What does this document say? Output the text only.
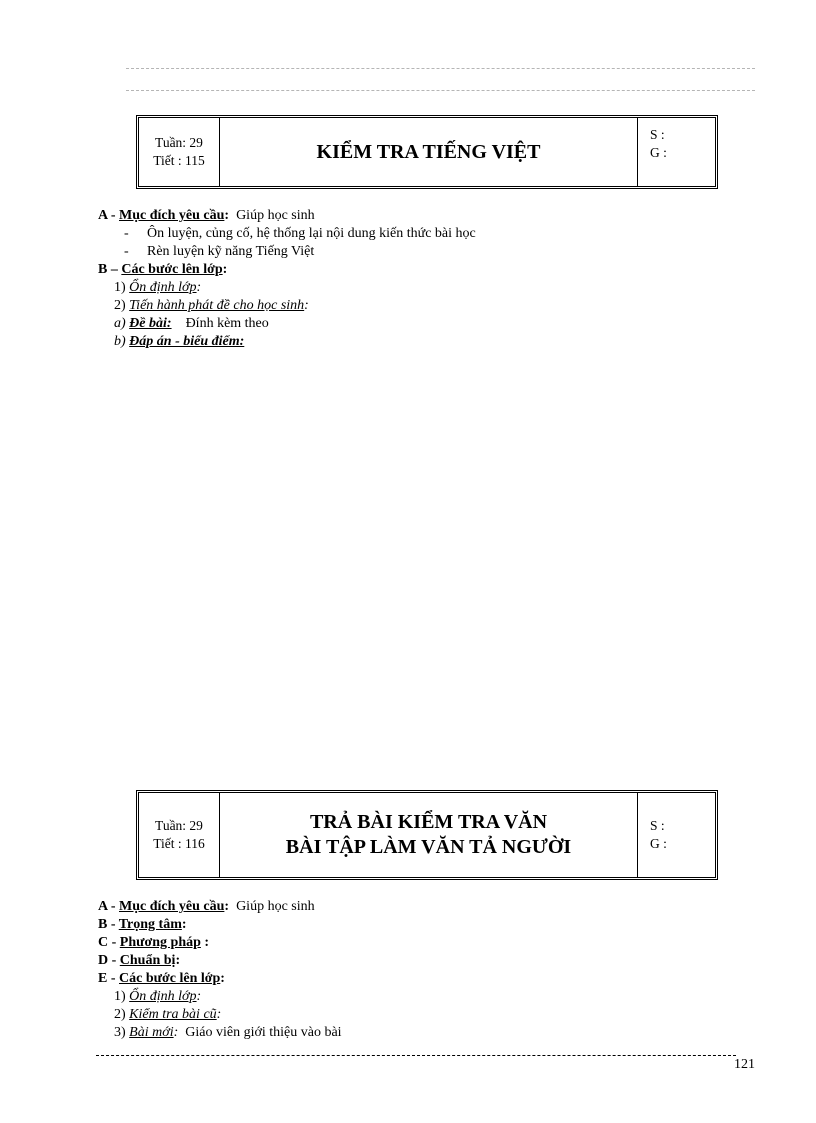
Tuần: 29
Tiết : 115	KIỂM TRA TIẾNG VIỆT
S :
G :
A - Mục đích yêu cầu: Giúp học sinh
- Ôn luyện, củng cố, hệ thống lại nội dung kiến thức bài học
- Rèn luyện kỹ năng Tiếng Việt
B – Các bước lên lớp:
1) Ổn định lớp:
2) Tiến hành phát đề cho học sinh:
a) Đề bài: Đính kèm theo
b) Đáp án - biểu điểm:
Tuần: 29
Tiết : 116
TRẢ BÀI KIỂM TRA VĂN
BÀI TẬP LÀM VĂN TẢ NGƯỜI
S :
G :
A - Mục đích yêu cầu: Giúp học sinh
B - Trọng tâm:
C - Phương pháp :
D - Chuẩn bị:
E - Các bước lên lớp:
1) Ổn định lớp:
2) Kiểm tra bài cũ:
3) Bài mới: Giáo viên giới thiệu vào bài
121
